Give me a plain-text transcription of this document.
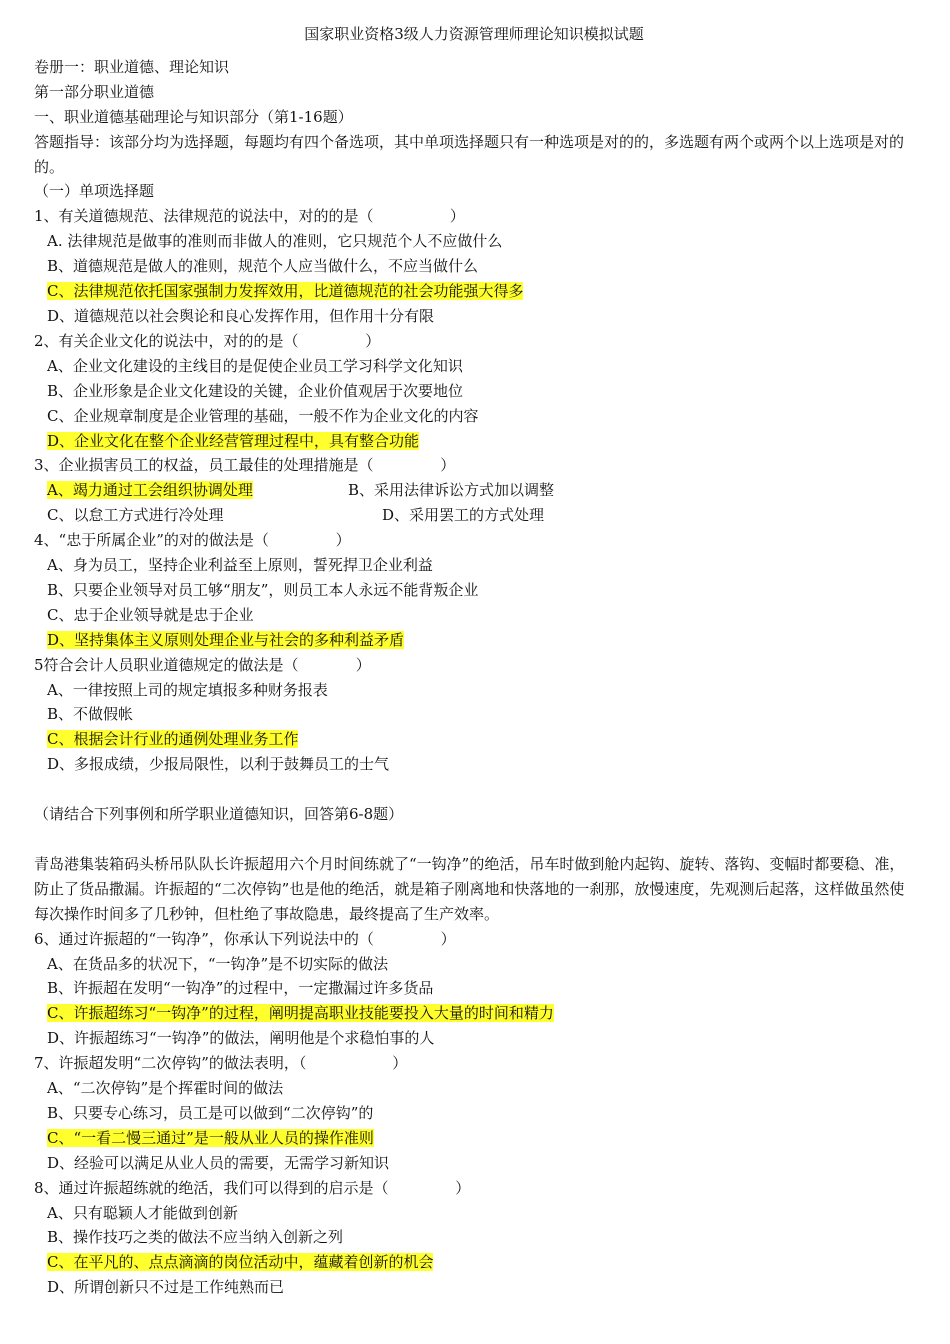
国家职业资格3级人力资源管理师理论知识模拟试题
卷册一：职业道德、理论知识
第一部分职业道德
一、职业道德基础理论与知识部分（第1-16题）
答题指导：该部分均为选择题，每题均有四个备选项，其中单项选择题只有一种选项是对的的，多选题有两个或两个以上选项是对的的。
（一）单项选择题
1、有关道德规范、法律规范的说法中，对的的是（                ）
A. 法律规范是做事的准则而非做人的准则，它只规范个人不应做什么
B、道德规范是做人的准则，规范个人应当做什么，不应当做什么
C、法律规范依托国家强制力发挥效用，比道德规范的社会功能强大得多
D、道德规范以社会舆论和良心发挥作用，但作用十分有限
2、有关企业文化的说法中，对的的是（              ）
A、企业文化建设的主线目的是促使企业员工学习科学文化知识
B、企业形象是企业文化建设的关键，企业价值观居于次要地位
C、企业规章制度是企业管理的基础，一般不作为企业文化的内容
D、企业文化在整个企业经营管理过程中，具有整合功能
3、企业损害员工的权益，员工最佳的处理措施是（              ）
A、竭力通过工会组织协调处理	B、采用法律诉讼方式加以调整
C、以怠工方式进行冷处理	D、采用罢工的方式处理
4、“忠于所属企业”的对的做法是（              ）
A、身为员工，坚持企业利益至上原则，誓死捍卫企业利益
B、只要企业领导对员工够“朋友”，则员工本人永远不能背叛企业
C、忠于企业领导就是忠于企业
D、坚持集体主义原则处理企业与社会的多种利益矛盾
5符合会计人员职业道德规定的做法是（            ）
A、一律按照上司的规定填报多种财务报表
B、不做假帐
C、根据会计行业的通例处理业务工作
D、多报成绩，少报局限性，以利于鼓舞员工的士气
（请结合下列事例和所学职业道德知识，回答第6-8题）
青岛港集装箱码头桥吊队队长许振超用六个月时间练就了“一钩净”的绝活，吊车时做到舱内起钩、旋转、落钩、变幅时都要稳、准，防止了货品撒漏。许振超的“二次停钩”也是他的绝活，就是箱子刚离地和快落地的一刹那，放慢速度，先观测后起落，这样做虽然使每次操作时间多了几秒钟，但杜绝了事故隐患，最终提高了生产效率。
6、通过许振超的“一钩净”，你承认下列说法中的（              ）
A、在货品多的状况下，“一钩净”是不切实际的做法
B、许振超在发明“一钩净”的过程中，一定撒漏过许多货品
C、许振超练习“一钩净”的过程，阐明提高职业技能要投入大量的时间和精力
D、许振超练习“一钩净”的做法，阐明他是个求稳怕事的人
7、许振超发明“二次停钩”的做法表明，（                  ）
A、“二次停钩”是个挥霍时间的做法
B、只要专心练习，员工是可以做到“二次停钩”的
C、“一看二慢三通过”是一般从业人员的操作准则
D、经验可以满足从业人员的需要，无需学习新知识
8、通过许振超练就的绝活，我们可以得到的启示是（              ）
A、只有聪颖人才能做到创新
B、操作技巧之类的做法不应当纳入创新之列
C、在平凡的、点点滴滴的岗位活动中，蕴藏着创新的机会
D、所谓创新只不过是工作纯熟而已
